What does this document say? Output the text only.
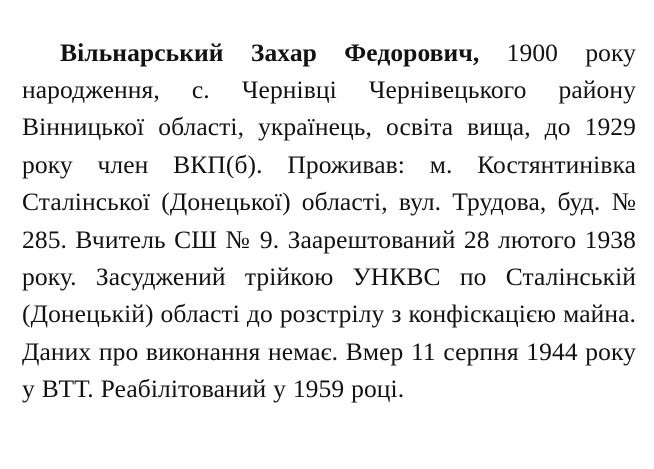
Вільнарський Захар Федорович, 1900 року народження, с. Чернівці Чернівецького району Вінницької області, українець, освіта вища, до 1929 року член ВКП(б). Проживав: м. Костянтинівка Сталінської (Донецької) області, вул. Трудова, буд. № 285. Вчитель СШ № 9. Заарештований 28 лютого 1938 року. Засуджений трійкою УНКВС по Сталінській (Донецькій) області до розстрілу з конфіскацією майна. Даних про виконання немає. Вмер 11 серпня 1944 року у ВТТ. Реабілітований у 1959 році.
